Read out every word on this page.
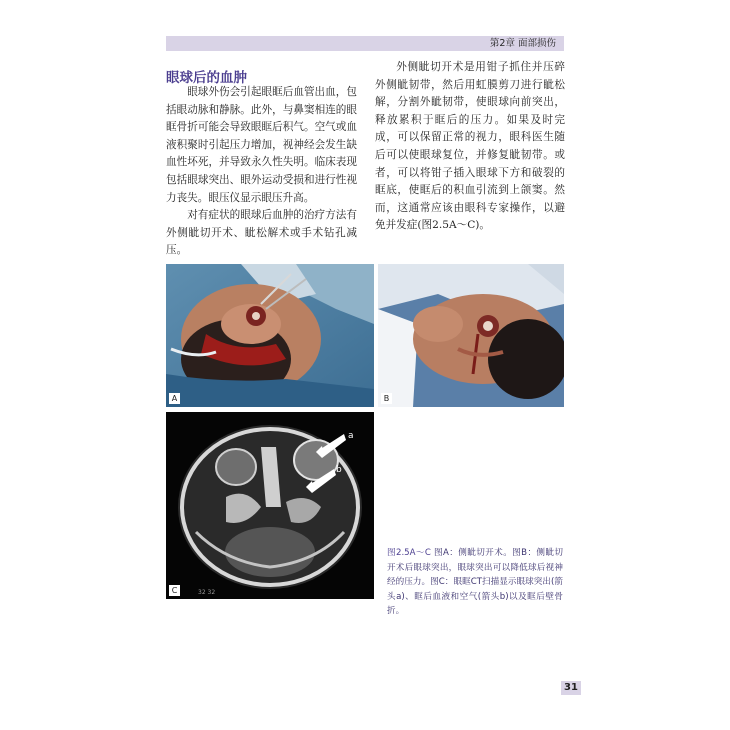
第2章 面部损伤
眼球后的血肿

眼球外伤会引起眼眶后血管出血，包括眼动脉和静脉。此外，与鼻窦相连的眼眶骨折可能会导致眼眶后积气。空气或血液积聚时引起压力增加，视神经会发生缺血性坏死，并导致永久性失明。临床表现包括眼球突出、眼外运动受损和进行性视力丧失。眼压仪显示眼压升高。

对有症状的眼球后血肿的治疗方法有外侧眦切开术、眦松解术或手术钻孔减压。

外侧眦切开术是用钳子抓住并压碎外侧眦韧带，然后用虹膜剪刀进行眦松解，分割外眦韧带，使眼球向前突出，释放累积于眶后的压力。如果及时完成，可以保留正常的视力，眼科医生随后可以使眼球复位，并修复眦韧带。或者，可以将钳子插入眼球下方和破裂的眶底，使眶后的积血引流到上颌窦。然而，这通常应该由眼科专家操作，以避免并发症(图2.5A～C)。

A	B
a
b
32 32
C
图2.5A～C 图A：侧眦切开术。图B：侧眦切开术后眼球突出，眼球突出可以降低球后视神经的压力。图C：眼眶CT扫描显示眼球突出(箭头a)、眶后血液和空气(箭头b)以及眶后壁骨折。
31
